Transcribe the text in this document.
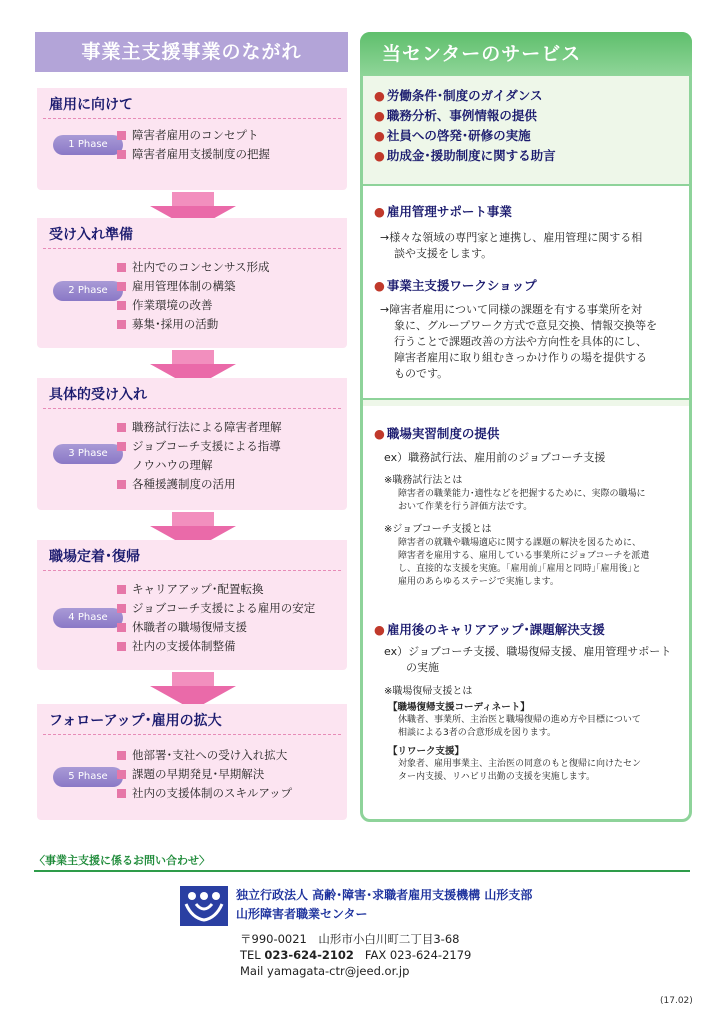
事業主支援事業のながれ
雇用に向けて
1 Phase
障害者雇用のコンセプト
障害者雇用支援制度の把握
受け入れ準備
2 Phase
社内でのコンセンサス形成
雇用管理体制の構築
作業環境の改善
募集･採用の活動
具体的受け入れ
3 Phase
職務試行法による障害者理解
ジョブコーチ支援による指導
ノウハウの理解
各種援護制度の活用
職場定着･復帰
4 Phase
キャリアアップ･配置転換
ジョブコーチ支援による雇用の安定
休職者の職場復帰支援
社内の支援体制整備
フォローアップ･雇用の拡大
5 Phase
他部署･支社への受け入れ拡大
課題の早期発見･早期解決
社内の支援体制のスキルアップ
当センターのサービス
● 労働条件･制度のガイダンス
● 職務分析、事例情報の提供
● 社員への啓発･研修の実施
● 助成金･援助制度に関する助言
● 雇用管理サポート事業
→様々な領域の専門家と連携し、雇用管理に関する相
談や支援をします。
● 事業主支援ワークショップ
→障害者雇用について同様の課題を有する事業所を対
象に、グループワーク方式で意見交換、情報交換等を
行うことで課題改善の方法や方向性を具体的にし、
障害者雇用に取り組むきっかけ作りの場を提供する
ものです。
● 職場実習制度の提供
ex）職務試行法、雇用前のジョブコーチ支援
※職務試行法とは
障害者の職業能力･適性などを把握するために、実際の職場に
おいて作業を行う評価方法です。
※ジョブコーチ支援とは
障害者の就職や職場適応に関する課題の解決を図るために、
障害者を雇用する、雇用している事業所にジョブコーチを派遣
し、直接的な支援を実施。｢雇用前｣｢雇用と同時｣｢雇用後｣と
雇用のあらゆるステージで実施します。
● 雇用後のキャリアアップ･課題解決支援
ex）ジョブコーチ支援、職場復帰支援、雇用管理サポート
の実施
※職場復帰支援とは
【職場復帰支援コーディネート】
休職者、事業所、主治医と職場復帰の進め方や目標について
相談による3者の合意形成を図ります。
【リワーク支援】
対象者、雇用事業主、主治医の同意のもと復帰に向けたセン
ター内支援、リハビリ出勤の支援を実施します。
〈事業主支援に係るお問い合わせ〉
独立行政法人 高齢･障害･求職者雇用支援機構 山形支部
山形障害者職業センター
〒990-0021　山形市小白川町二丁目3-68
TEL 023-624-2102 FAX 023-624-2179
Mail yamagata-ctr@jeed.or.jp
(17.02)
